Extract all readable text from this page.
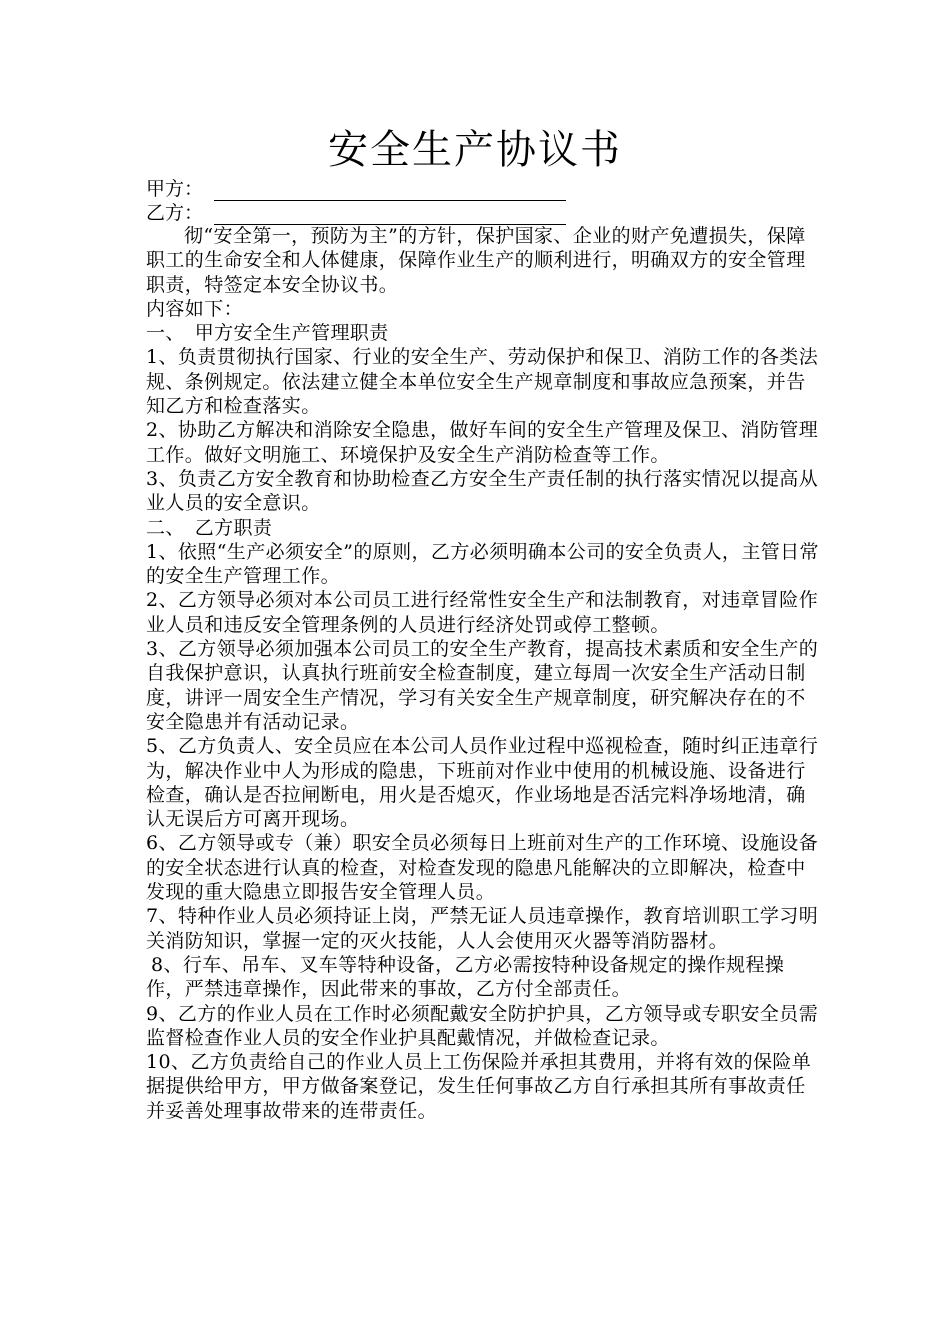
安全生产协议书
甲方：
乙方：

彻“安全第一，预防为主”的方针，保护国家、企业的财产免遭损失，保障职工的生命安全和人体健康，保障作业生产的顺利进行，明确双方的安全管理职责，特签定本安全协议书。

内容如下：

一、　甲方安全生产管理职责

1、负责贯彻执行国家、行业的安全生产、劳动保护和保卫、消防工作的各类法规、条例规定。依法建立健全本单位安全生产规章制度和事故应急预案，并告知乙方和检查落实。

2、协助乙方解决和消除安全隐患，做好车间的安全生产管理及保卫、消防管理工作。做好文明施工、环境保护及安全生产消防检查等工作。

3、负责乙方安全教育和协助检查乙方安全生产责任制的执行落实情况以提高从业人员的安全意识。

二、　乙方职责

1、依照“生产必须安全”的原则，乙方必须明确本公司的安全负责人，主管日常的安全生产管理工作。

2、乙方领导必须对本公司员工进行经常性安全生产和法制教育，对违章冒险作业人员和违反安全管理条例的人员进行经济处罚或停工整顿。

3、乙方领导必须加强本公司员工的安全生产教育，提高技术素质和安全生产的自我保护意识，认真执行班前安全检查制度，建立每周一次安全生产活动日制度，讲评一周安全生产情况，学习有关安全生产规章制度，研究解决存在的不安全隐患并有活动记录。

5、乙方负责人、安全员应在本公司人员作业过程中巡视检查，随时纠正违章行为，解决作业中人为形成的隐患，下班前对作业中使用的机械设施、设备进行检查，确认是否拉闸断电，用火是否熄灭，作业场地是否活完料净场地清，确认无误后方可离开现场。

6、乙方领导或专（兼）职安全员必须每日上班前对生产的工作环境、设施设备的安全状态进行认真的检查，对检查发现的隐患凡能解决的立即解决，检查中发现的重大隐患立即报告安全管理人员。

7、特种作业人员必须持证上岗，严禁无证人员违章操作，教育培训职工学习明关消防知识，掌握一定的灭火技能，人人会使用灭火器等消防器材。

8、行车、吊车、叉车等特种设备，乙方必需按特种设备规定的操作规程操作，严禁违章操作，因此带来的事故，乙方付全部责任。

9、乙方的作业人员在工作时必须配戴安全防护护具，乙方领导或专职安全员需监督检查作业人员的安全作业护具配戴情况，并做检查记录。

10、乙方负责给自己的作业人员上工伤保险并承担其费用，并将有效的保险单据提供给甲方，甲方做备案登记，发生任何事故乙方自行承担其所有事故责任并妥善处理事故带来的连带责任。
